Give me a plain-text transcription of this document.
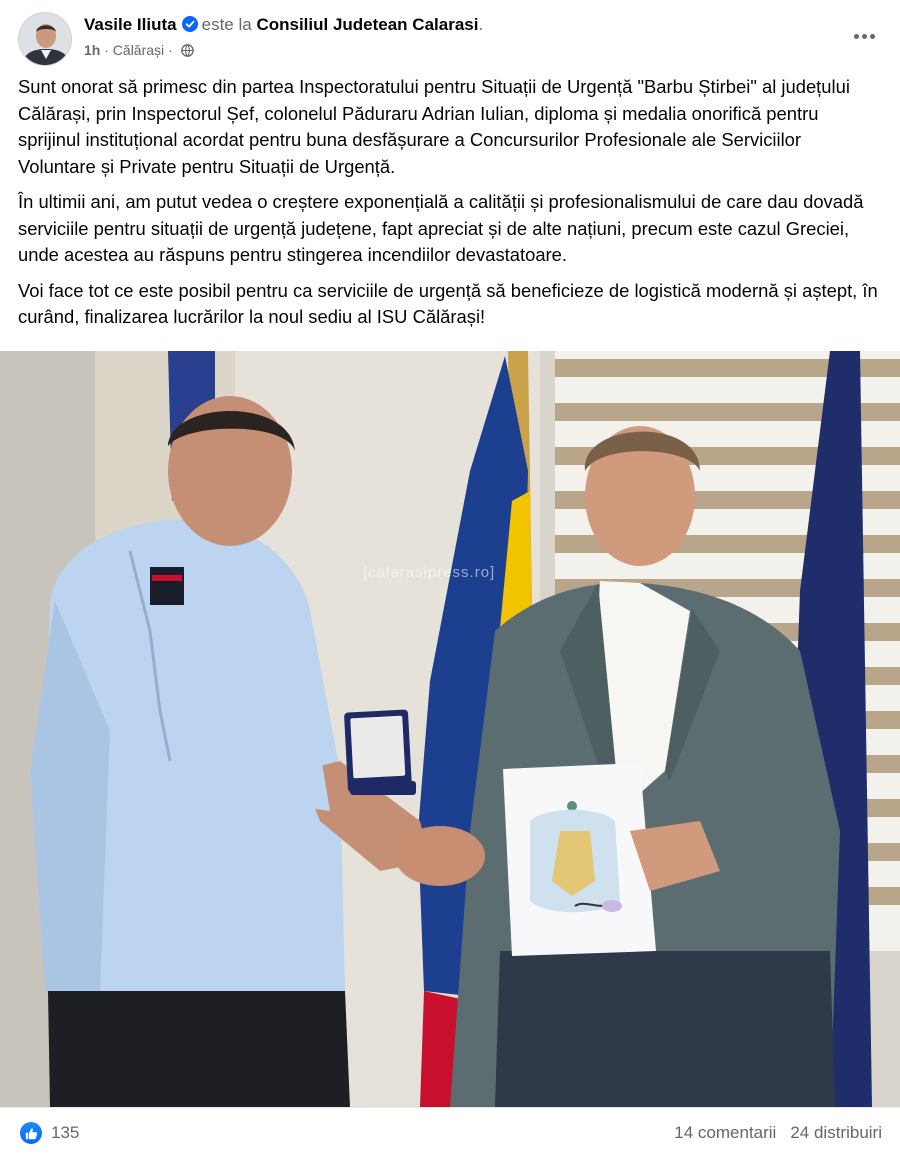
Vasile Iliuta este la Consiliul Judetean Calarasi.
1h · Călărași ·

Sunt onorat să primesc din partea Inspectoratului pentru Situații de Urgență "Barbu Știrbei" al județului Călărași, prin Inspectorul Șef, colonelul Păduraru Adrian Iulian, diploma și medalia onorifică pentru sprijinul instituțional acordat pentru buna desfășurare a Concursurilor Profesionale ale Serviciilor Voluntare și Private pentru Situații de Urgență.

În ultimii ani, am putut vedea o creștere exponențială a calității și profesionalismului de care dau dovadă serviciile pentru situații de urgență județene, fapt apreciat și de alte națiuni, precum este cazul Greciei, unde acestea au răspuns pentru stingerea incendiilor devastatoare.

Voi face tot ce este posibil pentru ca serviciile de urgență să beneficieze de logistică modernă și aștept, în curând, finalizarea lucrărilor la noul sediu al ISU Călărași!

[calarasipress.ro]
135	14 comentarii 24 distribuiri
